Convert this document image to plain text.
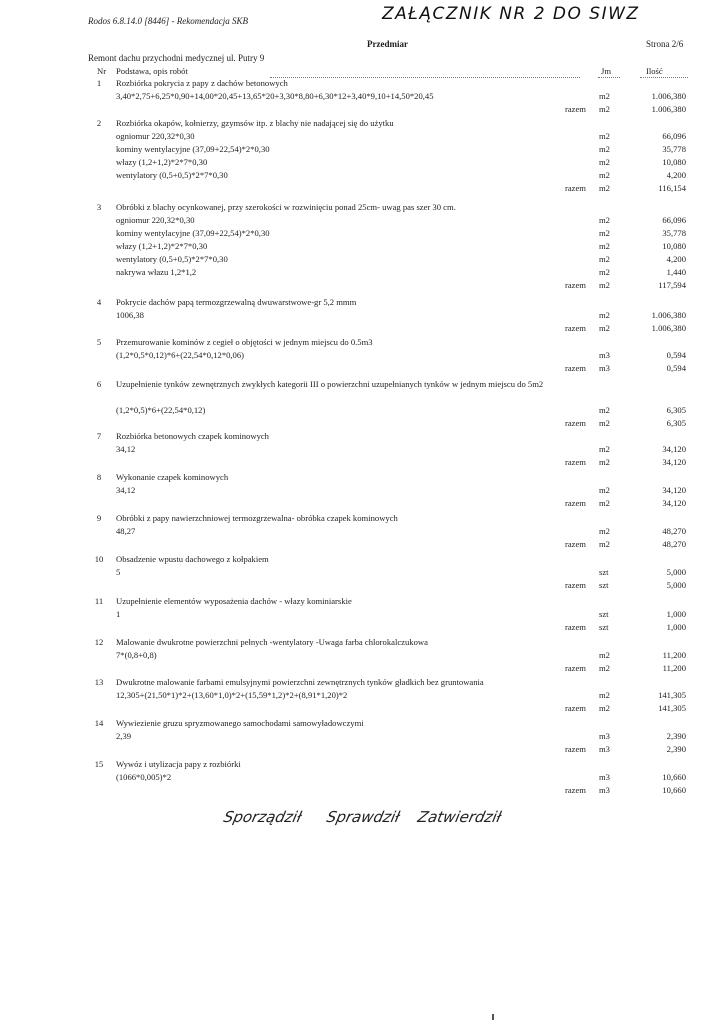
Rodos 6.8.14.0 [8446] - Rekomendacja SKB	ZAŁĄCZNIK NR 2 DO SIWZ
Przedmiar	Strona 2/6
Remont dachu przychodni medycznej ul. Putry 9
Nr Podstawa, opis robót	Jm	Ilość
1	Rozbiórka pokrycia z papy z dachów betonowych
3,40*2,75+6,25*0,90+14,00*20,45+13,65*20+3,30*8,80+6,30*12+3,40*9,10+14,50*20,45	m2	1.006,380
razem m2	1.006,380
2	Rozbiórka okapów, kołnierzy, gzymsów itp. z blachy nie nadającej się do użytku
ogniomur 220,32*0,30	m2	66,096
kominy wentylacyjne (37,09+22,54)*2*0,30	m2	35,778
włazy (1,2+1,2)*2*7*0,30	m2	10,080
wentylatory (0,5+0,5)*2*7*0,30	m2	4,200
razem m2	116,154
3	Obróbki z blachy ocynkowanej, przy szerokości w rozwinięciu ponad 25cm- uwag pas szer 30 cm.
ogniomur 220,32*0,30	m2	66,096
kominy wentylacyjne (37,09+22,54)*2*0,30	m2	35,778
włazy (1,2+1,2)*2*7*0,30	m2	10,080
wentylatory (0,5+0,5)*2*7*0,30	m2	4,200
nakrywa włazu 1,2*1,2	m2	1,440
razem m2	117,594
4	Pokrycie dachów papą termozgrzewalną dwuwarstwowe-gr 5,2 mmm
1006,38	m2	1.006,380
razem m2	1.006,380
5	Przemurowanie kominów z cegieł o objętości w jednym miejscu do 0.5m3
(1,2*0,5*0,12)*6+(22,54*0,12*0,06)	m3	0,594
razem m3	0,594
6	Uzupełnienie tynków zewnętrznych zwykłych kategorii III o powierzchni uzupełnianych tynków w jednym miejscu do 5m2
(1,2*0,5)*6+(22,54*0,12)	m2	6,305
razem m2	6,305
7	Rozbiórka betonowych czapek kominowych
34,12	m2	34,120
razem m2	34,120
8	Wykonanie czapek kominowych
34,12	m2	34,120
razem m2	34,120
9	Obróbki z papy nawierzchniowej termozgrzewalna- obróbka czapek kominowych
48,27	m2	48,270
razem m2	48,270
10	Obsadzenie wpustu dachowego z kołpakiem
5	szt	5,000
razem szt	5,000
11	Uzupełnienie elementów wyposażenia dachów - włazy kominiarskie
1	szt	1,000
razem szt	1,000
12	Malowanie dwukrotne powierzchni pełnych -wentylatory -Uwaga farba chlorokalczukowa
7*(0,8+0,8)	m2	11,200
razem m2	11,200
13	Dwukrotne malowanie farbami emulsyjnymi powierzchni zewnętrznych tynków gładkich bez gruntowania
12,305+(21,50*1)*2+(13,60*1,0)*2+(15,59*1,2)*2+(8,91*1,20)*2	m2	141,305
razem m2	141,305
14	Wywiezienie gruzu spryzmowanego samochodami samowyładowczymi
2,39	m3	2,390
razem m3	2,390
15	Wywóz i utylizacja papy z rozbiórki
(1066*0,005)*2	m3	10,660
razem m3	10,660
Sporządził Sprawdził Zatwierdził
